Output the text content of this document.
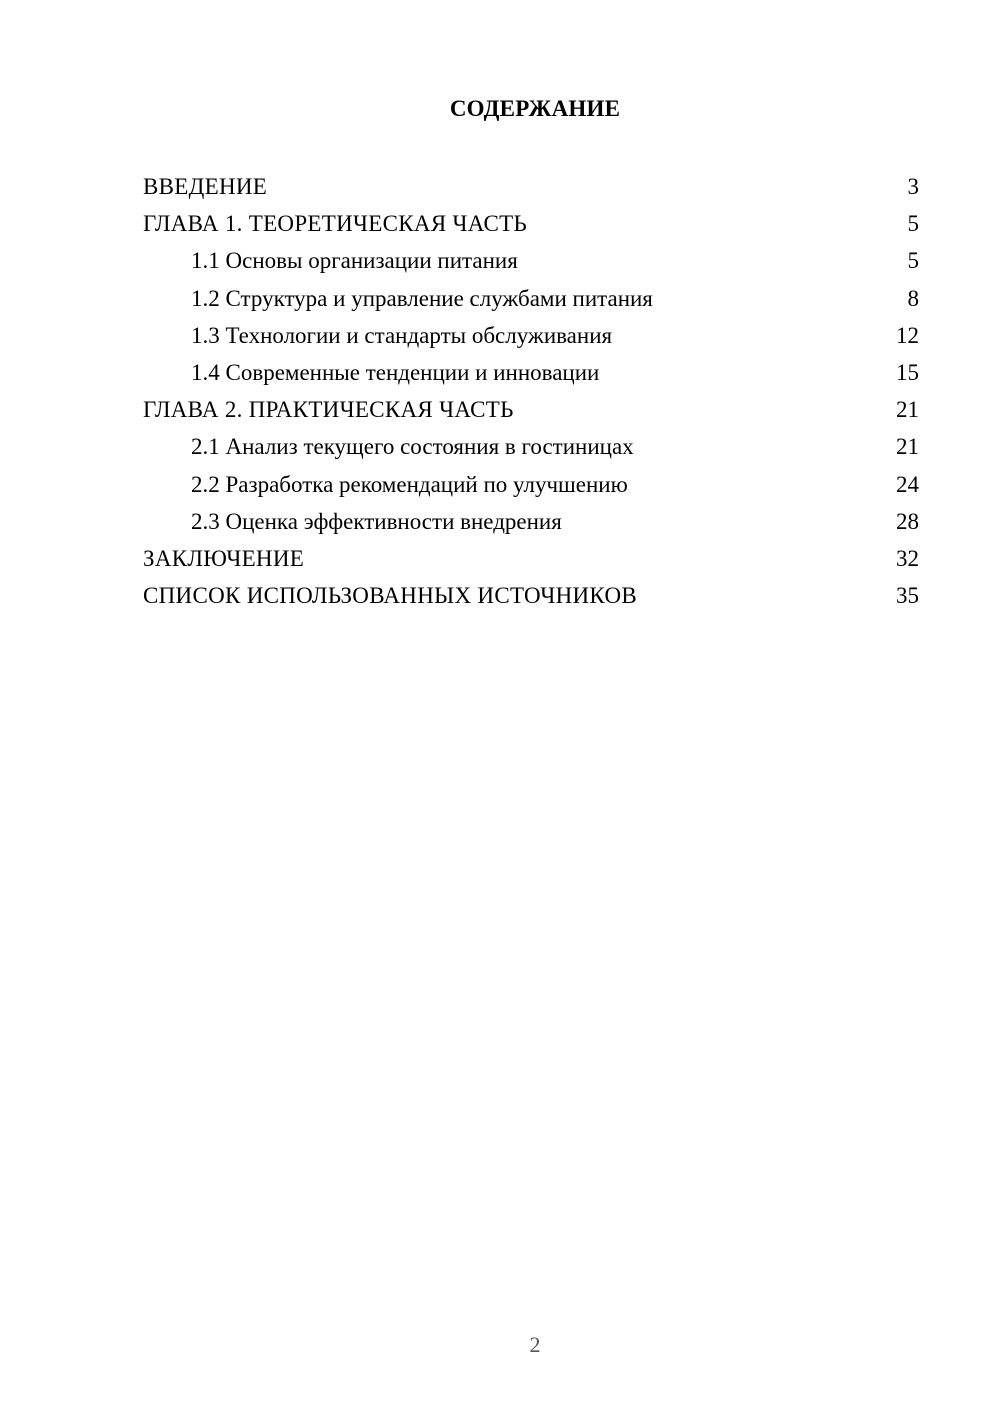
СОДЕРЖАНИЕ
ВВЕДЕНИЕ	3
ГЛАВА 1. ТЕОРЕТИЧЕСКАЯ ЧАСТЬ	5
1.1 Основы организации питания	5
1.2 Структура и управление службами питания	8
1.3 Технологии и стандарты обслуживания	12
1.4 Современные тенденции и инновации	15
ГЛАВА 2. ПРАКТИЧЕСКАЯ ЧАСТЬ	21
2.1 Анализ текущего состояния в гостиницах	21
2.2 Разработка рекомендаций по улучшению	24
2.3 Оценка эффективности внедрения	28
ЗАКЛЮЧЕНИЕ	32
СПИСОК ИСПОЛЬЗОВАННЫХ ИСТОЧНИКОВ	35
2
